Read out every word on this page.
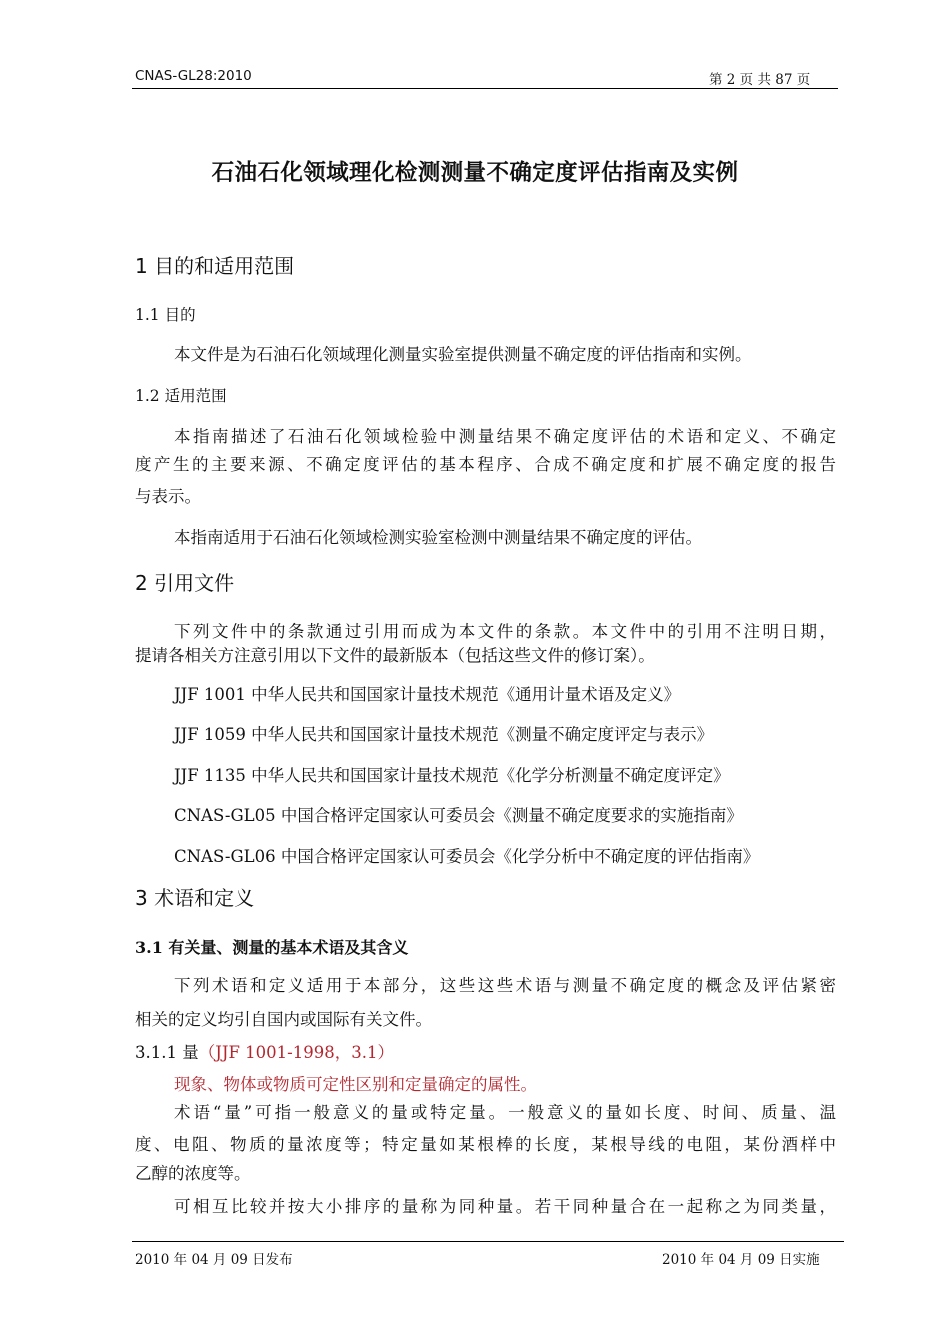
CNAS-GL28:2010	第 2 页 共 87 页
石油石化领域理化检测测量不确定度评估指南及实例
1 目的和适用范围
1.1 目的
本文件是为石油石化领域理化测量实验室提供测量不确定度的评估指南和实例。
1.2 适用范围
本指南描述了石油石化领域检验中测量结果不确定度评估的术语和定义、不确定
度产生的主要来源、不确定度评估的基本程序、合成不确定度和扩展不确定度的报告
与表示。
本指南适用于石油石化领域检测实验室检测中测量结果不确定度的评估。
2 引用文件
下列文件中的条款通过引用而成为本文件的条款。本文件中的引用不注明日期，
提请各相关方注意引用以下文件的最新版本（包括这些文件的修订案）。
JJF 1001 中华人民共和国国家计量技术规范《通用计量术语及定义》
JJF 1059 中华人民共和国国家计量技术规范《测量不确定度评定与表示》
JJF 1135 中华人民共和国国家计量技术规范《化学分析测量不确定度评定》
CNAS-GL05 中国合格评定国家认可委员会《测量不确定度要求的实施指南》
CNAS-GL06 中国合格评定国家认可委员会《化学分析中不确定度的评估指南》
3 术语和定义
3.1 有关量、测量的基本术语及其含义
下列术语和定义适用于本部分，这些这些术语与测量不确定度的概念及评估紧密
相关的定义均引自国内或国际有关文件。
3.1.1 量（JJF 1001-1998，3.1）
现象、物体或物质可定性区别和定量确定的属性。
术语“量”可指一般意义的量或特定量。一般意义的量如长度、时间、质量、温
度、电阻、物质的量浓度等；特定量如某根棒的长度，某根导线的电阻，某份酒样中
乙醇的浓度等。
可相互比较并按大小排序的量称为同种量。若干同种量合在一起称之为同类量，
2010 年 04 月 09 日发布	2010 年 04 月 09 日实施
